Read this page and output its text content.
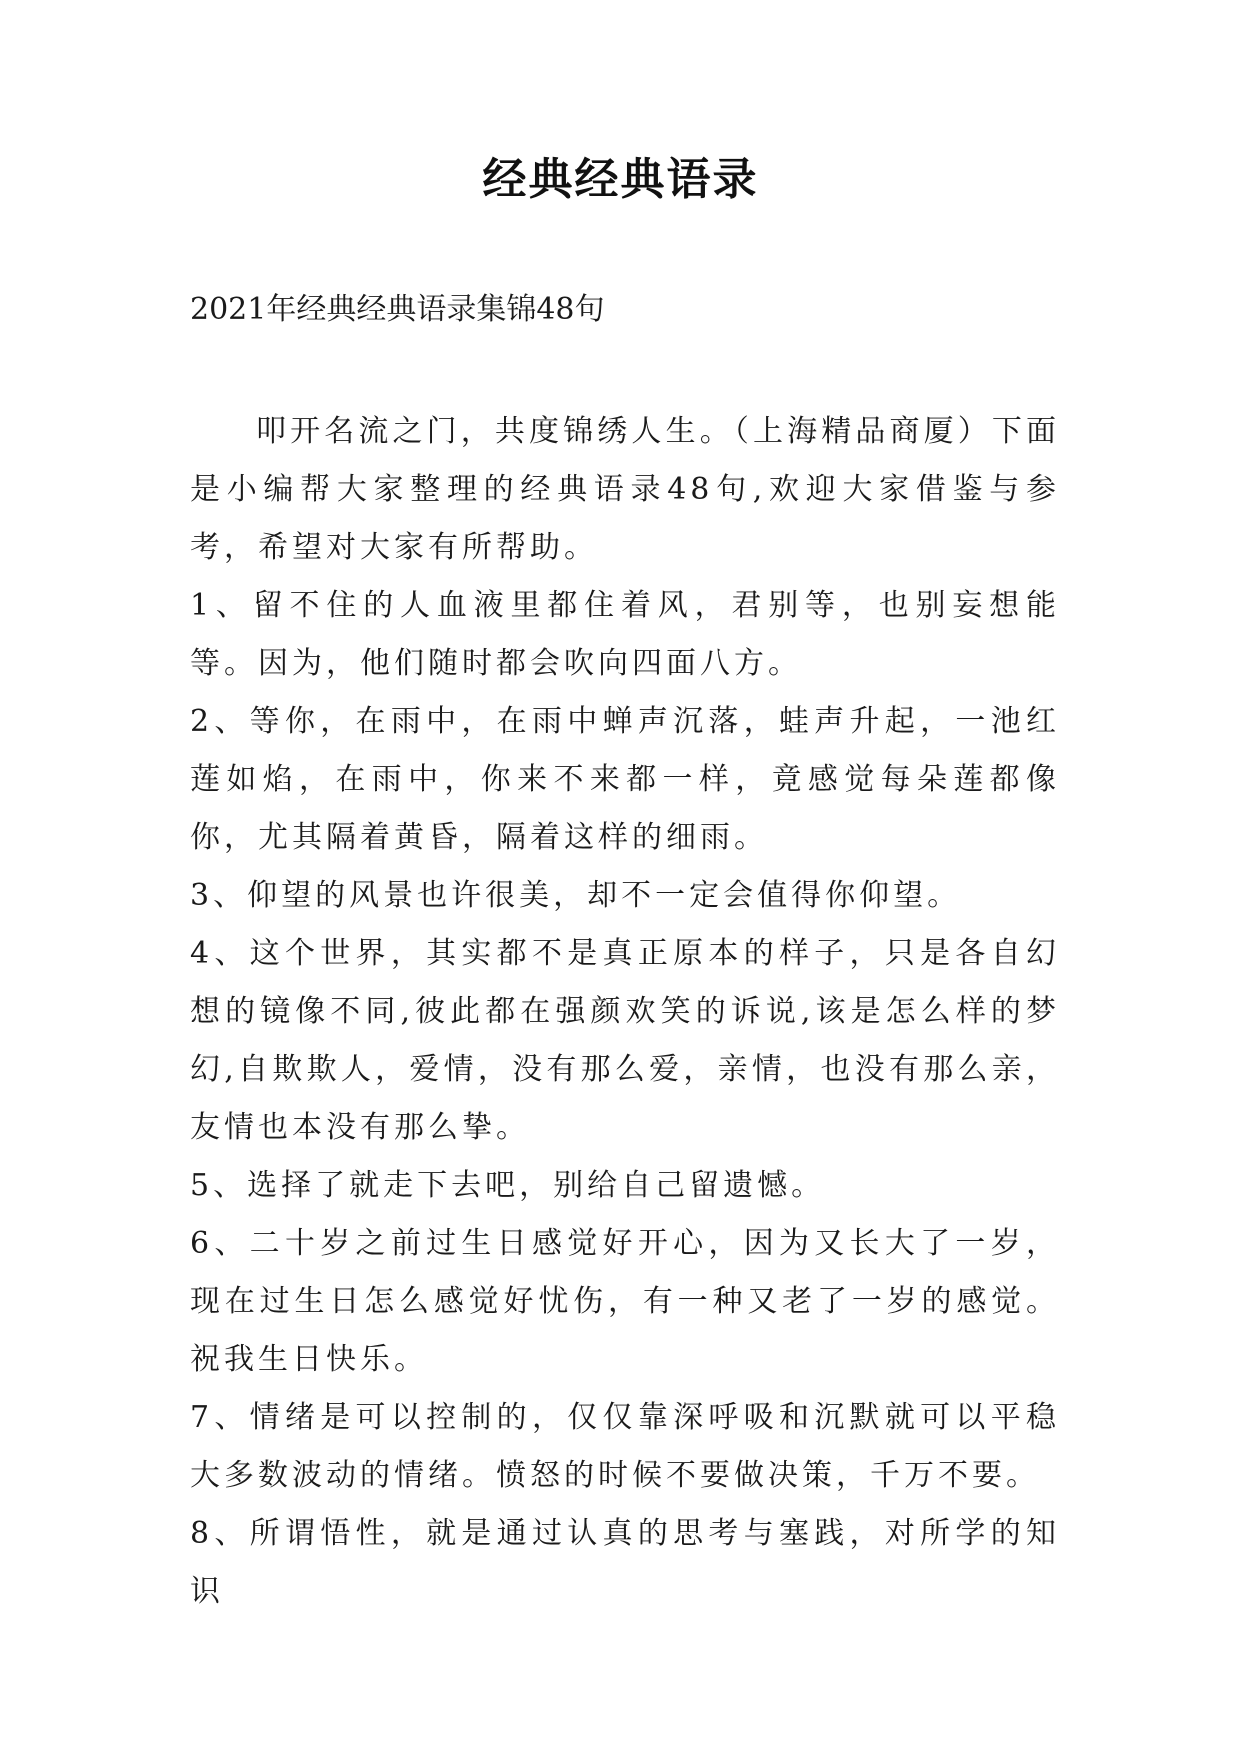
经典经典语录
2021年经典经典语录集锦48句

叩开名流之门，共度锦绣人生。（上海精品商厦）下面是小编帮大家整理的经典语录48句,欢迎大家借鉴与参考，希望对大家有所帮助。

1、留不住的人血液里都住着风，君别等，也别妄想能等。因为，他们随时都会吹向四面八方。

2、等你，在雨中，在雨中蝉声沉落，蛙声升起，一池红莲如焰，在雨中，你来不来都一样，竟感觉每朵莲都像你，尤其隔着黄昏，隔着这样的细雨。

3、仰望的风景也许很美，却不一定会值得你仰望。

4、这个世界，其实都不是真正原本的样子，只是各自幻想的镜像不同,彼此都在强颜欢笑的诉说,该是怎么样的梦幻,自欺欺人，爱情，没有那么爱，亲情，也没有那么亲，友情也本没有那么挚。

5、选择了就走下去吧，别给自己留遗憾。

6、二十岁之前过生日感觉好开心，因为又长大了一岁，现在过生日怎么感觉好忧伤，有一种又老了一岁的感觉。祝我生日快乐。

7、情绪是可以控制的，仅仅靠深呼吸和沉默就可以平稳大多数波动的情绪。愤怒的时候不要做决策，千万不要。

8、所谓悟性，就是通过认真的思考与塞践，对所学的知识
